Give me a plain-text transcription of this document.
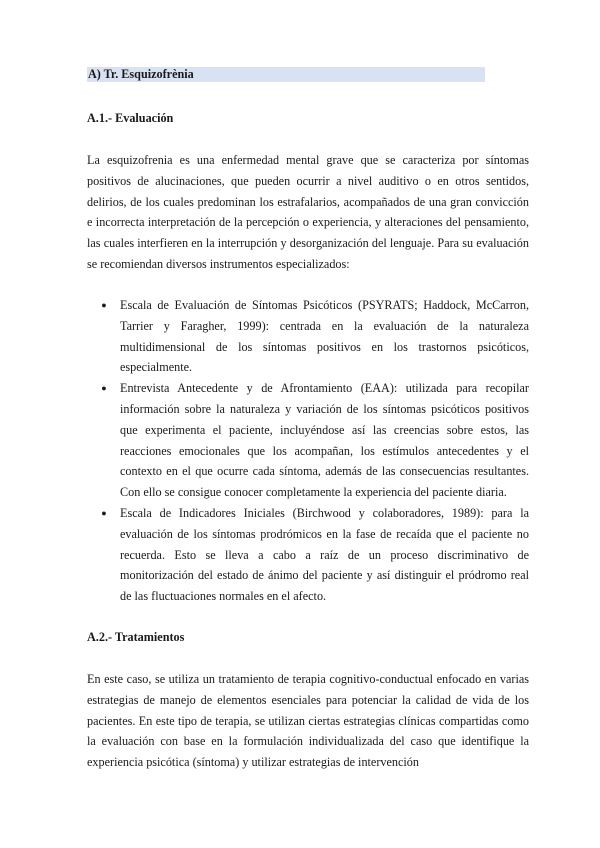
A) Tr. Esquizofrènia
A.1.- Evaluación

La esquizofrenia es una enfermedad mental grave que se caracteriza por síntomas positivos de alucinaciones, que pueden ocurrir a nivel auditivo o en otros sentidos, delirios, de los cuales predominan los estrafalarios, acompañados de una gran convicción e incorrecta interpretación de la percepción o experiencia, y alteraciones del pensamiento, las cuales interfieren en la interrupción y desorganización del lenguaje. Para su evaluación se recomiendan diversos instrumentos especializados:

● Escala de Evaluación de Síntomas Psicóticos (PSYRATS; Haddock, McCarron, Tarrier y Faragher, 1999): centrada en la evaluación de la naturaleza multidimensional de los síntomas positivos en los trastornos psicóticos, especialmente.
● Entrevista Antecedente y de Afrontamiento (EAA): utilizada para recopilar información sobre la naturaleza y variación de los síntomas psicóticos positivos que experimenta el paciente, incluyéndose así las creencias sobre estos, las reacciones emocionales que los acompañan, los estímulos antecedentes y el contexto en el que ocurre cada síntoma, además de las consecuencias resultantes. Con ello se consigue conocer completamente la experiencia del paciente diaria.
● Escala de Indicadores Iniciales (Birchwood y colaboradores, 1989): para la evaluación de los síntomas prodrómicos en la fase de recaída que el paciente no recuerda. Esto se lleva a cabo a raíz de un proceso discriminativo de monitorización del estado de ánimo del paciente y así distinguir el pródromo real de las fluctuaciones normales en el afecto.
A.2.- Tratamientos

En este caso, se utiliza un tratamiento de terapia cognitivo-conductual enfocado en varias estrategias de manejo de elementos esenciales para potenciar la calidad de vida de los pacientes. En este tipo de terapia, se utilizan ciertas estrategias clínicas compartidas como la evaluación con base en la formulación individualizada del caso que identifique la experiencia psicótica (síntoma) y utilizar estrategias de intervención
